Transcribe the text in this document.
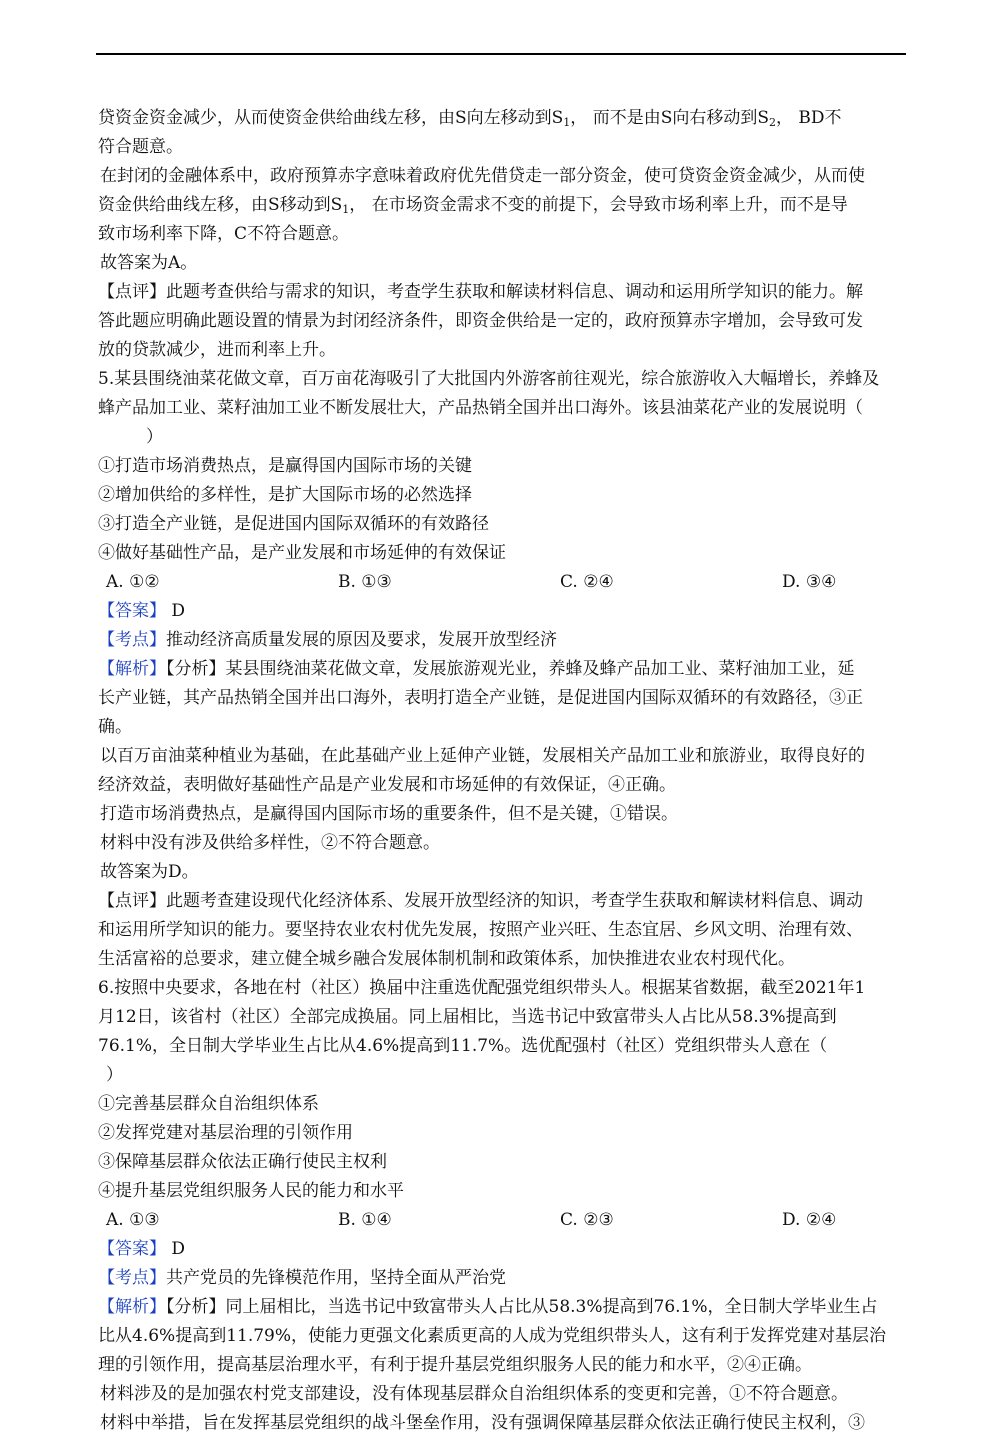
贷资金资金减少，从而使资金供给曲线左移，由S向左移动到$S_1$， 而不是由S向右移动到$S_2$， BD不

符合题意。

在封闭的金融体系中，政府预算赤字意味着政府优先借贷走一部分资金，使可贷资金资金减少，从而使

资金供给曲线左移，由S移动到$S_1$， 在市场资金需求不变的前提下，会导致市场利率上升，而不是导

致市场利率下降，C不符合题意。

故答案为A。

【点评】此题考查供给与需求的知识，考查学生获取和解读材料信息、调动和运用所学知识的能力。解

答此题应明确此题设置的情景为封闭经济条件，即资金供给是一定的，政府预算赤字增加，会导致可发

放的贷款减少，进而利率上升。

5.某县围绕油菜花做文章，百万亩花海吸引了大批国内外游客前往观光，综合旅游收入大幅增长，养蜂及

蜂产品加工业、菜籽油加工业不断发展壮大，产品热销全国并出口海外。该县油菜花产业的发展说明（

）

①打造市场消费热点，是赢得国内国际市场的关键

②增加供给的多样性，是扩大国际市场的必然选择

③打造全产业链，是促进国内国际双循环的有效路径

④做好基础性产品，是产业发展和市场延伸的有效保证

A. ①②	B. ①③	C. ②④	D. ③④

【答案】 D

【考点】推动经济高质量发展的原因及要求，发展开放型经济

【解析】【分析】某县围绕油菜花做文章，发展旅游观光业，养蜂及蜂产品加工业、菜籽油加工业，延

长产业链，其产品热销全国并出口海外，表明打造全产业链，是促进国内国际双循环的有效路径，③正

确。

以百万亩油菜种植业为基础，在此基础产业上延伸产业链，发展相关产品加工业和旅游业，取得良好的

经济效益，表明做好基础性产品是产业发展和市场延伸的有效保证，④正确。

打造市场消费热点，是赢得国内国际市场的重要条件，但不是关键，①错误。

材料中没有涉及供给多样性，②不符合题意。

故答案为D。

【点评】此题考查建设现代化经济体系、发展开放型经济的知识，考查学生获取和解读材料信息、调动

和运用所学知识的能力。要坚持农业农村优先发展，按照产业兴旺、生态宜居、乡风文明、治理有效、

生活富裕的总要求，建立健全城乡融合发展体制机制和政策体系，加快推进农业农村现代化。

6.按照中央要求，各地在村（社区）换届中注重选优配强党组织带头人。根据某省数据，截至2021年1

月12日，该省村（社区）全部完成换届。同上届相比，当选书记中致富带头人占比从58.3%提高到

76.1%，全日制大学毕业生占比从4.6%提高到11.7%。选优配强村（社区）党组织带头人意在（

）

①完善基层群众自治组织体系

②发挥党建对基层治理的引领作用

③保障基层群众依法正确行使民主权利

④提升基层党组织服务人民的能力和水平

A. ①③	B. ①④	C. ②③	D. ②④

【答案】 D

【考点】共产党员的先锋模范作用，坚持全面从严治党

【解析】【分析】同上届相比，当选书记中致富带头人占比从58.3%提高到76.1%，全日制大学毕业生占

比从4.6%提高到11.79%，使能力更强文化素质更高的人成为党组织带头人，这有利于发挥党建对基层治

理的引领作用，提高基层治理水平，有利于提升基层党组织服务人民的能力和水平，②④正确。

材料涉及的是加强农村党支部建设，没有体现基层群众自治组织体系的变更和完善，①不符合题意。

材料中举措，旨在发挥基层党组织的战斗堡垒作用，没有强调保障基层群众依法正确行使民主权利，③
